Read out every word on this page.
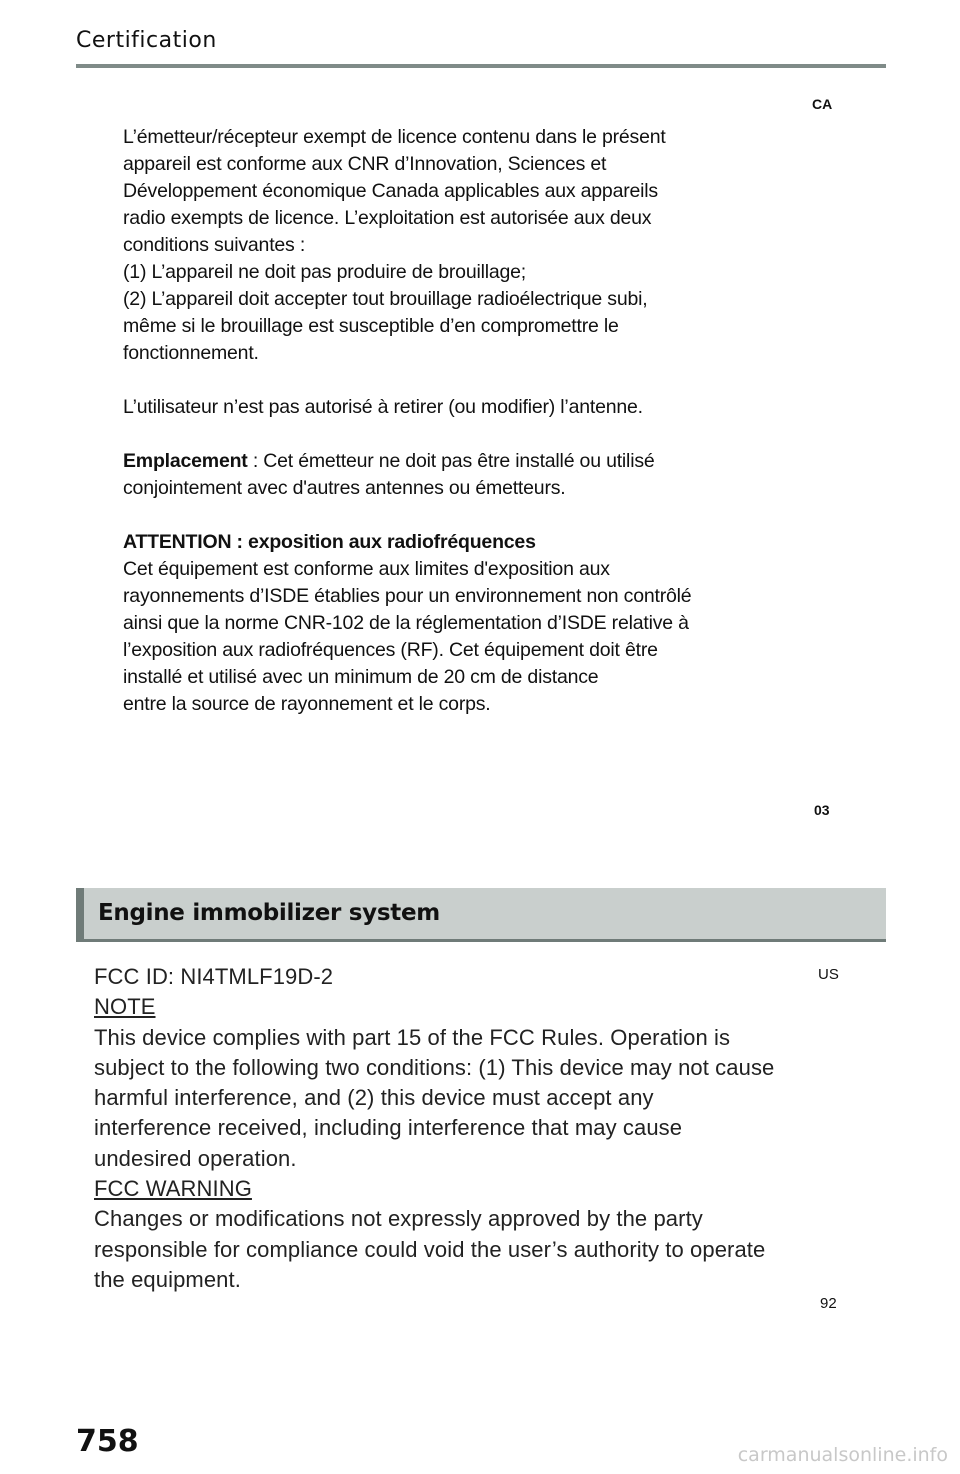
Certification
CA

L’émetteur/récepteur exempt de licence contenu dans le présent

appareil est conforme aux CNR d’Innovation, Sciences et

Développement économique Canada applicables aux appareils

radio exempts de licence. L’exploitation est autorisée aux deux

conditions suivantes :

(1) L’appareil ne doit pas produire de brouillage;

(2) L’appareil doit accepter tout brouillage radioélectrique subi,

même si le brouillage est susceptible d’en compromettre le

fonctionnement.

L’utilisateur n’est pas autorisé à retirer (ou modifier) l’antenne.

Emplacement : Cet émetteur ne doit pas être installé ou utilisé

conjointement avec d'autres antennes ou émetteurs.

ATTENTION : exposition aux radiofréquences

Cet équipement est conforme aux limites d'exposition aux

rayonnements d’ISDE établies pour un environnement non contrôlé

ainsi que la norme CNR-102 de la réglementation d’ISDE relative à

l’exposition aux radiofréquences (RF). Cet équipement doit être

installé et utilisé avec un minimum de 20 cm de distance

entre la source de rayonnement et le corps.

03
Engine immobilizer system
US

FCC ID: NI4TMLF19D-2

NOTE

This device complies with part 15 of the FCC Rules. Operation is

subject to the following two conditions: (1) This device may not cause

harmful interference, and (2) this device must accept any

interference received, including interference that may cause

undesired operation.

FCC WARNING

Changes or modifications not expressly approved by the party

responsible for compliance could void the user’s authority to operate

the equipment.

92
758	carmanualsonline.info
